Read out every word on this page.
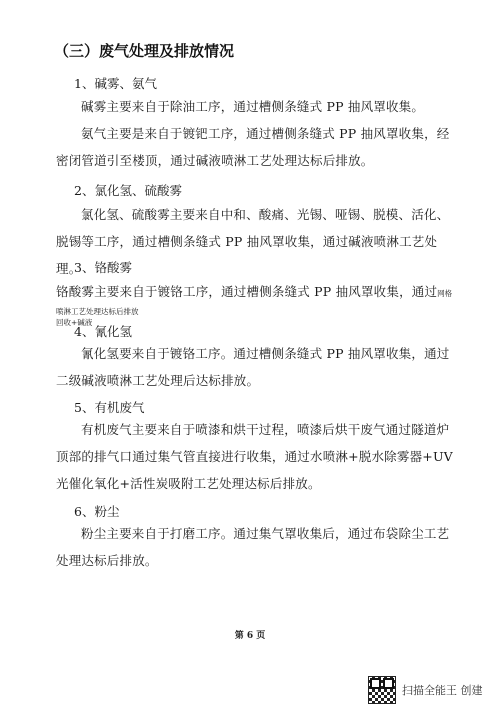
（三）废气处理及排放情况
1、碱雾、氨气

碱雾主要来自于除油工序，通过槽侧条缝式 PP 抽风罩收集。

氨气主要是来自于镀钯工序，通过槽侧条缝式 PP 抽风罩收集，经密闭管道引至楼顶，通过碱液喷淋工艺处理达标后排放。

2、氯化氢、硫酸雾

氯化氢、硫酸雾主要来自中和、酸痛、光锡、哑锡、脱模、活化、脱锡等工序，通过槽侧条缝式 PP 抽风罩收集，通过碱液喷淋工艺处理。

3、铬酸雾

铬酸雾主要来自于镀铬工序，通过槽侧条缝式 PP 抽风罩收集，通过网格回收+碱液

喷淋工艺处理达标后排放

4、氰化氢

氰化氢要来自于镀铬工序。通过槽侧条缝式 PP 抽风罩收集，通过二级碱液喷淋工艺处理后达标排放。

5、有机废气

有机废气主要来自于喷漆和烘干过程，喷漆后烘干废气通过隧道炉顶部的排气口通过集气管直接进行收集，通过水喷淋+脱水除雾器+UV 光催化氧化+活性炭吸附工艺处理达标后排放。

6、粉尘

粉尘主要来自于打磨工序。通过集气罩收集后，通过布袋除尘工艺处理达标后排放。

第 6 页
扫描全能王 创建
